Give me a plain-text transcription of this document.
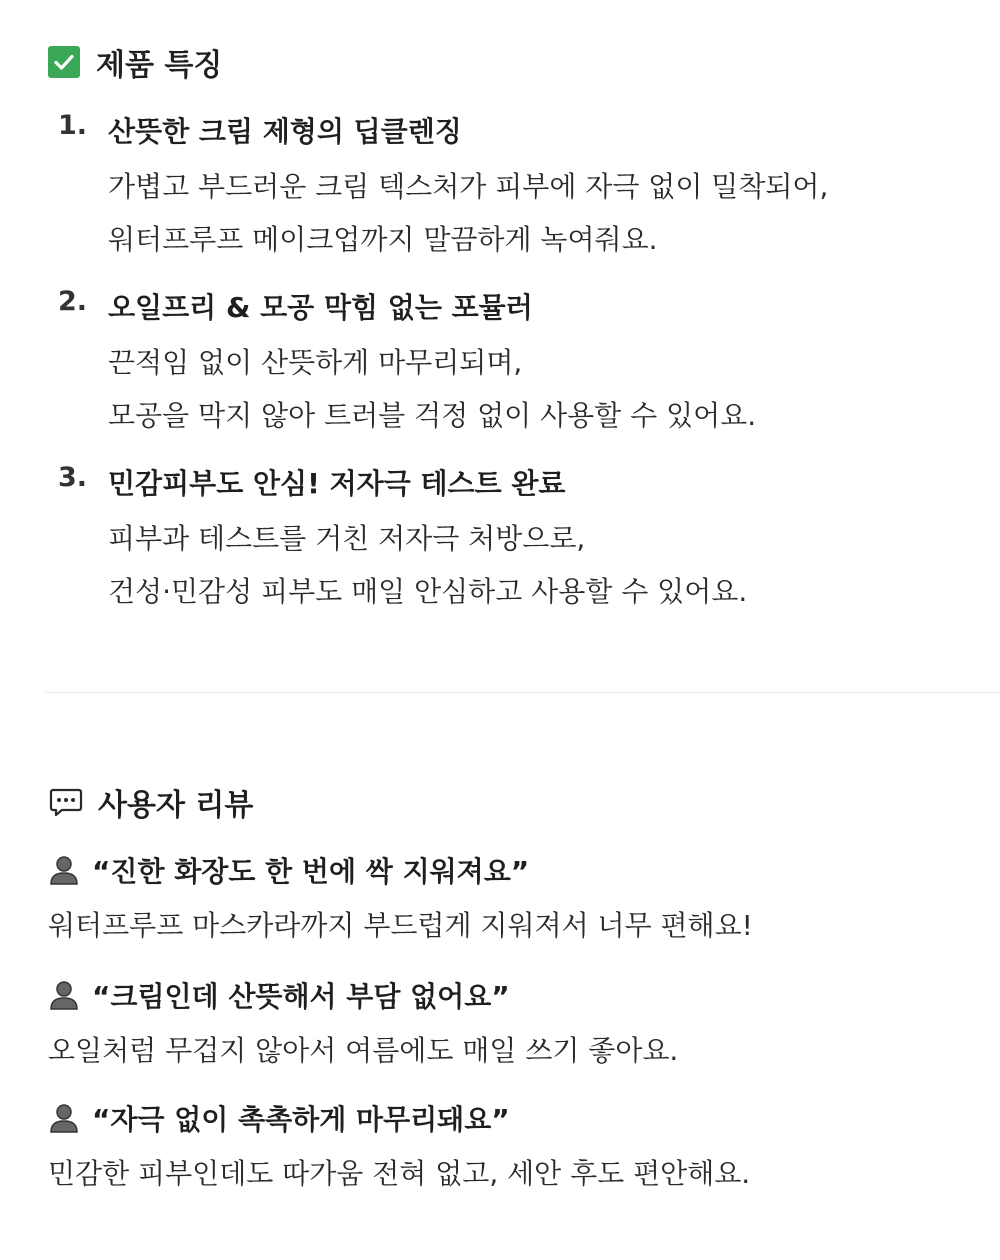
제품 특징
1. 산뜻한 크림 제형의 딥클렌징
가볍고 부드러운 크림 텍스처가 피부에 자극 없이 밀착되어,
워터프루프 메이크업까지 말끔하게 녹여줘요.
2. 오일프리 & 모공 막힘 없는 포뮬러
끈적임 없이 산뜻하게 마무리되며,
모공을 막지 않아 트러블 걱정 없이 사용할 수 있어요.
3. 민감피부도 안심! 저자극 테스트 완료
피부과 테스트를 거친 저자극 처방으로,
건성·민감성 피부도 매일 안심하고 사용할 수 있어요.
사용자 리뷰
“진한 화장도 한 번에 싹 지워져요”
워터프루프 마스카라까지 부드럽게 지워져서 너무 편해요!
“크림인데 산뜻해서 부담 없어요”
오일처럼 무겁지 않아서 여름에도 매일 쓰기 좋아요.
“자극 없이 촉촉하게 마무리돼요”
민감한 피부인데도 따가움 전혀 없고, 세안 후도 편안해요.
